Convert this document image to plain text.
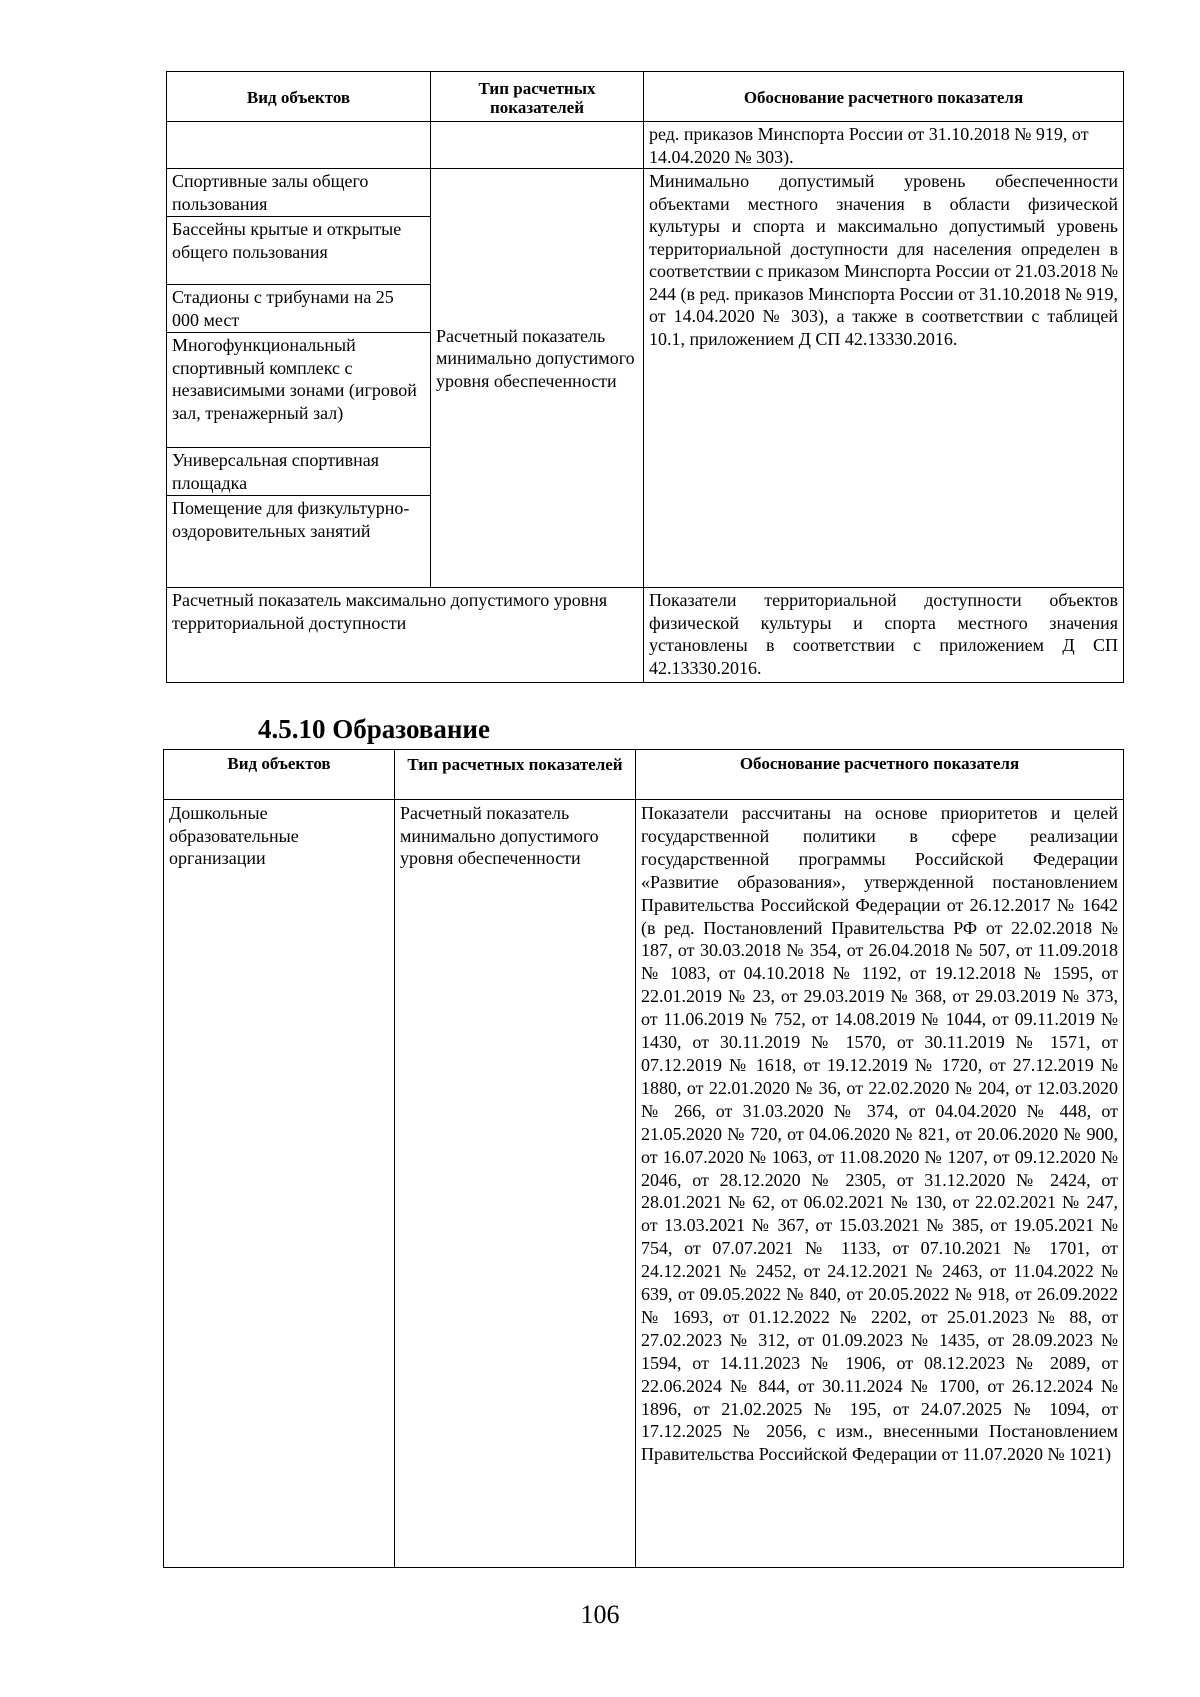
Вид объектов	Тип расчетных показателей	Обоснование расчетного показателя
		ред. приказов Минспорта России от 31.10.2018 № 919, от 14.04.2020 № 303).
Спортивные залы общего пользования	Расчетный показатель минимально допустимого уровня обеспеченности	Минимально допустимый уровень обеспеченности объектами местного значения в области физической культуры и спорта и максимально допустимый уровень территориальной доступности для населения определен в соответствии с приказом Минспорта России от 21.03.2018 № 244 (в ред. приказов Минспорта России от 31.10.2018 № 919, от 14.04.2020 № 303), а также в соответствии с таблицей 10.1, приложением Д СП 42.13330.2016.
Бассейны крытые и открытые общего пользования		
Стадионы с трибунами на 25 000 мест		
Многофункциональный спортивный комплекс с независимыми зонами (игровой зал, тренажерный зал)		
Универсальная спортивная площадка		
Помещение для физкультурно-оздоровительных занятий		
Расчетный показатель максимально допустимого уровня территориальной доступности		Показатели территориальной доступности объектов физической культуры и спорта местного значения установлены в соответствии с приложением Д СП 42.13330.2016.
4.5.10 Образование
Вид объектов	Тип расчетных показателей	Обоснование расчетного показателя
Дошкольные образовательные организации	Расчетный показатель минимально допустимого уровня обеспеченности	Показатели рассчитаны на основе приоритетов и целей государственной политики в сфере реализации государственной программы Российской Федерации «Развитие образования», утвержденной постановлением Правительства Российской Федерации от 26.12.2017 № 1642 (в ред. Постановлений Правительства РФ от 22.02.2018 № 187, от 30.03.2018 № 354, от 26.04.2018 № 507, от 11.09.2018 № 1083, от 04.10.2018 № 1192, от 19.12.2018 № 1595, от 22.01.2019 № 23, от 29.03.2019 № 368, от 29.03.2019 № 373, от 11.06.2019 № 752, от 14.08.2019 № 1044, от 09.11.2019 № 1430, от 30.11.2019 № 1570, от 30.11.2019 № 1571, от 07.12.2019 № 1618, от 19.12.2019 № 1720, от 27.12.2019 № 1880, от 22.01.2020 № 36, от 22.02.2020 № 204, от 12.03.2020 № 266, от 31.03.2020 № 374, от 04.04.2020 № 448, от 21.05.2020 № 720, от 04.06.2020 № 821, от 20.06.2020 № 900, от 16.07.2020 № 1063, от 11.08.2020 № 1207, от 09.12.2020 № 2046, от 28.12.2020 № 2305, от 31.12.2020 № 2424, от 28.01.2021 № 62, от 06.02.2021 № 130, от 22.02.2021 № 247, от 13.03.2021 № 367, от 15.03.2021 № 385, от 19.05.2021 № 754, от 07.07.2021 № 1133, от 07.10.2021 № 1701, от 24.12.2021 № 2452, от 24.12.2021 № 2463, от 11.04.2022 № 639, от 09.05.2022 № 840, от 20.05.2022 № 918, от 26.09.2022 № 1693, от 01.12.2022 № 2202, от 25.01.2023 № 88, от 27.02.2023 № 312, от 01.09.2023 № 1435, от 28.09.2023 № 1594, от 14.11.2023 № 1906, от 08.12.2023 № 2089, от 22.06.2024 № 844, от 30.11.2024 № 1700, от 26.12.2024 № 1896, от 21.02.2025 № 195, от 24.07.2025 № 1094, от 17.12.2025 № 2056, с изм., внесенными Постановлением Правительства Российской Федерации от 11.07.2020 № 1021)
106
